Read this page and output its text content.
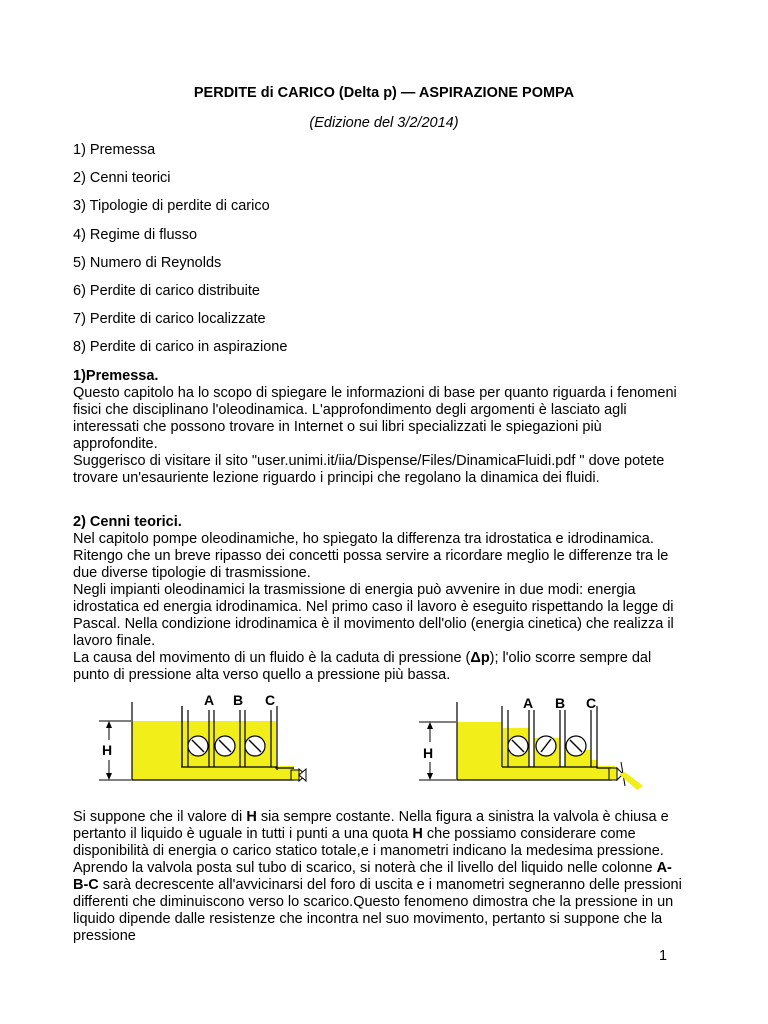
PERDITE di CARICO (Delta p) — ASPIRAZIONE POMPA
(Edizione del 3/2/2014)
1) Premessa
2) Cenni teorici
3) Tipologie di perdite di carico
4) Regime di flusso
5) Numero di Reynolds
6) Perdite di carico distribuite
7) Perdite di carico localizzate
8) Perdite di carico in aspirazione

1)Premessa.

Questo capitolo ha lo scopo di spiegare le informazioni di base per quanto riguarda i fenomeni fisici che disciplinano l'oleodinamica. L'approfondimento degli argomenti è lasciato agli interessati che possono trovare in Internet o sui libri specializzati le spiegazioni più approfondite.

Suggerisco di visitare il sito "user.unimi.it/iia/Dispense/Files/DinamicaFluidi.pdf " dove potete trovare un'esauriente lezione riguardo i principi che regolano la dinamica dei fluidi.

2) Cenni teorici.

Nel capitolo pompe oleodinamiche, ho spiegato la differenza tra idrostatica e idrodinamica. Ritengo che un breve ripasso dei concetti possa servire a ricordare meglio le differenze tra le due diverse tipologie di trasmissione.

Negli impianti oleodinamici la trasmissione di energia può avvenire in due modi: energia idrostatica ed energia idrodinamica. Nel primo caso il lavoro è eseguito rispettando la legge di Pascal. Nella condizione idrodinamica è il movimento dell'olio (energia cinetica) che realizza il lavoro finale.

La causa del movimento di un fluido è la caduta di pressione (Δp); l'olio scorre sempre dal punto di pressione alta verso quello a pressione più bassa.

H
A B C
H
A B C

Si suppone che il valore di H sia sempre costante. Nella figura a sinistra la valvola è chiusa e pertanto il liquido è uguale in tutti i punti a una quota H che possiamo considerare come disponibilità di energia o carico statico totale,e i manometri indicano la medesima pressione. Aprendo la valvola posta sul tubo di scarico, si noterà che il livello del liquido nelle colonne A-B-C sarà decrescente all'avvicinarsi del foro di uscita e i manometri segneranno delle pressioni differenti che diminuiscono verso lo scarico.Questo fenomeno dimostra che la pressione in un liquido dipende dalle resistenze che incontra nel suo movimento, pertanto si suppone che la pressione

1
